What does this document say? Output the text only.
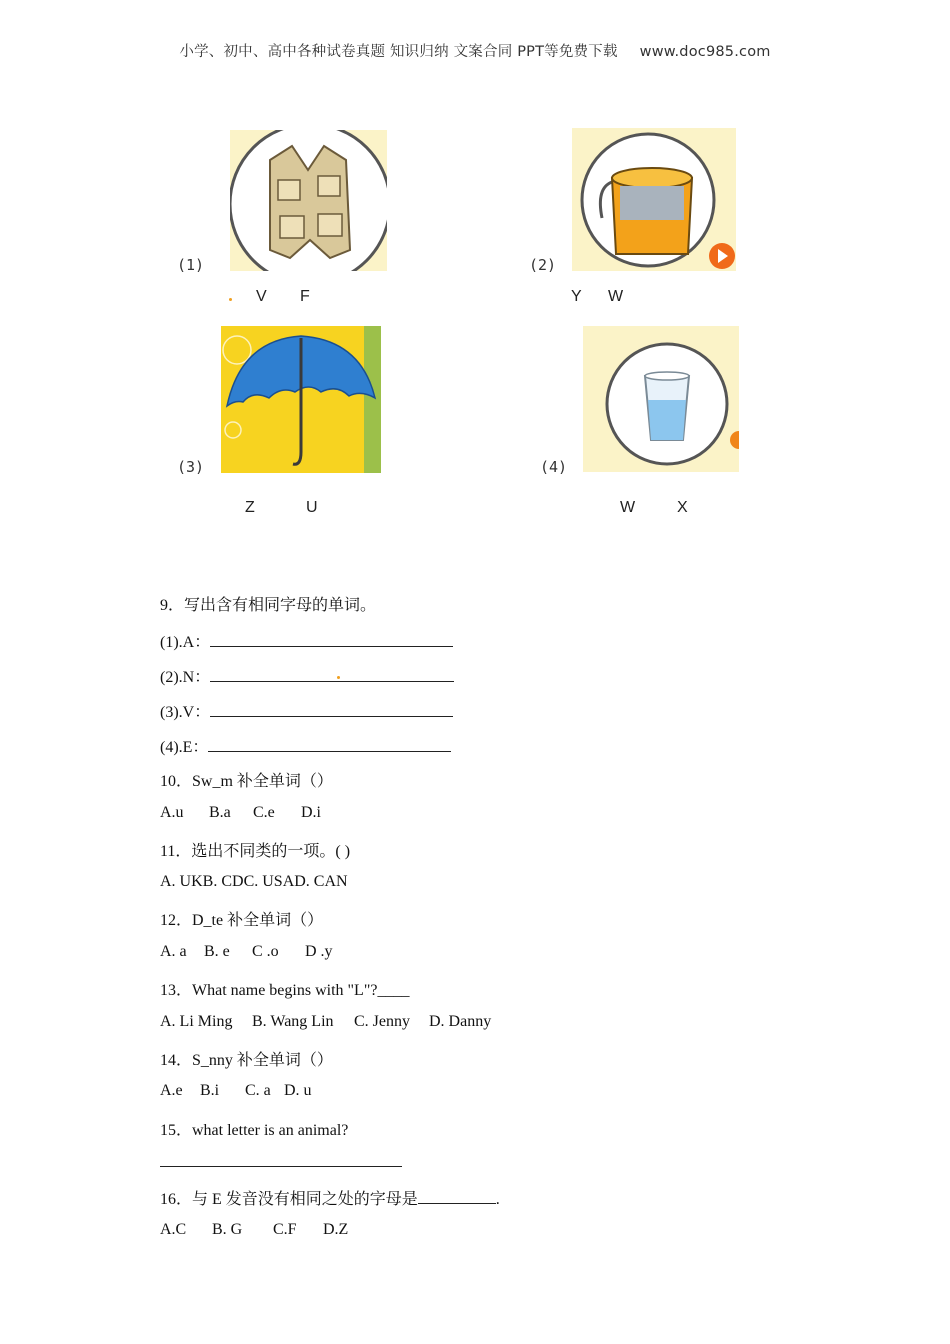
小学、初中、高中各种试卷真题 知识归纳 文案合同 PPT等免费下载 www.doc985.com
(1)
V F
(2)
Y W
(3)
Z	U
(4)
W	X
9．写出含有相同字母的单词。
(1).A：
(2).N：
(3).V：
(4).E：
10．Sw_m 补全单词（）
A.u B.a C.e D.i
11．选出不同类的一项。( )
A. UKB. CDC. USAD. CAN
12．D_te 补全单词（）
A. a B. e C .o D .y
13．What name begins with "L"?____
A. Li Ming B. Wang Lin C. Jenny D. Danny
14．S_nny 补全单词（）
A.e B.i C. a D. u
15．what letter is an animal?
16．与 E 发音没有相同之处的字母是	.
A.C B. G C.F D.Z
